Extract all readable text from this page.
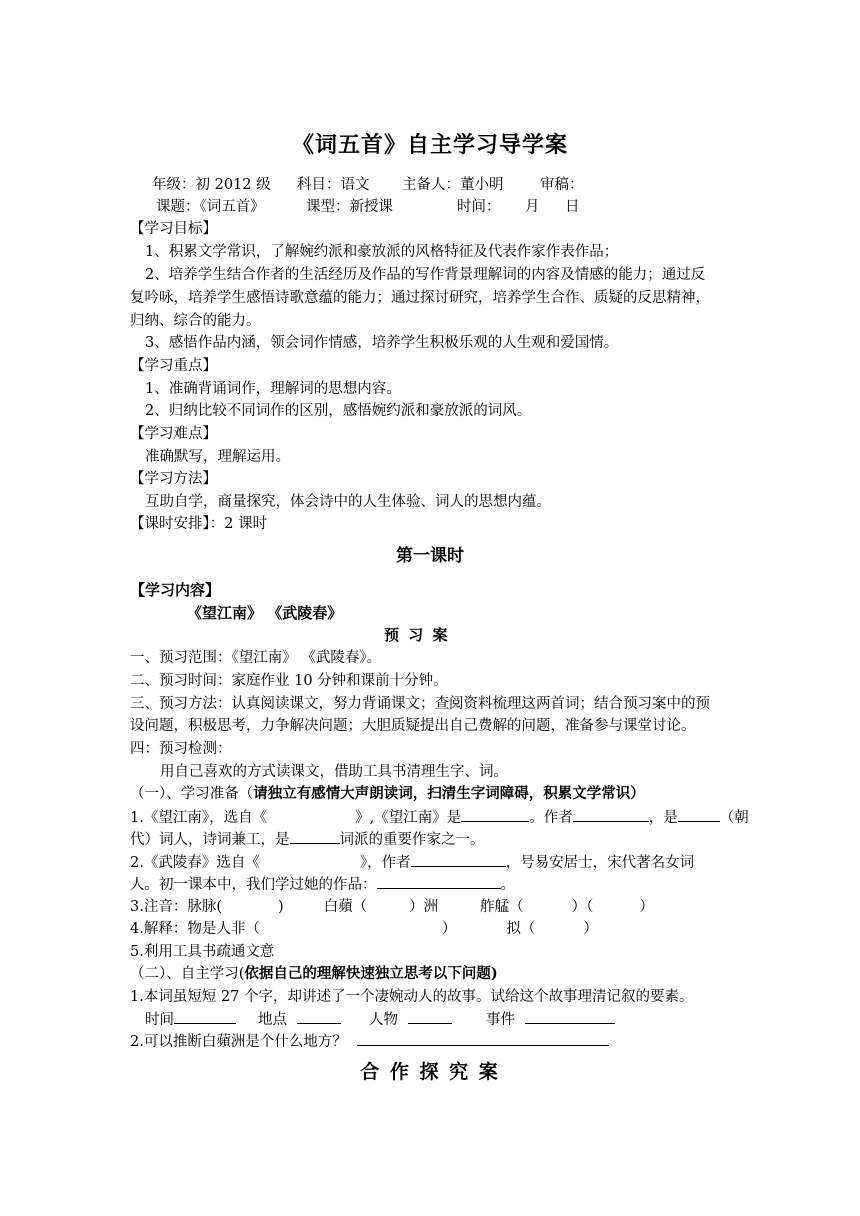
《词五首》自主学习导学案
年级：初 2012 级 科目：语文 主备人：董小明	审稿：
课题：《词五首》	课型：新授课	时间： 月 日
【学习目标】
1、积累文学常识，了解婉约派和豪放派的风格特征及代表作家作表作品；
2、培养学生结合作者的生活经历及作品的写作背景理解词的内容及情感的能力；通过反
复吟咏，培养学生感悟诗歌意蕴的能力；通过探讨研究，培养学生合作、质疑的反思精神，
归纳、综合的能力。
3、感悟作品内涵，领会词作情感，培养学生积极乐观的人生观和爱国情。
【学习重点】
1、准确背诵词作，理解词的思想内容。
2、归纳比较不同词作的区别，感悟婉约派和豪放派的词风。
【学习难点】
准确默写，理解运用。
【学习方法】
互助自学，商量探究，体会诗中的人生体验、词人的思想内蕴。
【课时安排】：2 课时
第一课时
【学习内容】
《望江南》 《武陵春》
预 习 案
一、预习范围：《望江南》 《武陵春》。
二、预习时间：家庭作业 10 分钟和课前十分钟。
三、预习方法：认真阅读课文，努力背诵课文；查阅资料梳理这两首词；结合预习案中的预
设问题，积极思考，力争解决问题；大胆质疑提出自己费解的问题，准备参与课堂讨论。
四：预习检测：
用自己喜欢的方式读课文，借助工具书清理生字、词。
（一）、学习准备（请独立有感情大声朗读词，扫清生字词障碍，积累文学常识）
1.《望江南》，选自《	》,《望江南》是	。作者	，是	（朝
代）词人，诗词兼工，是	词派的重要作家之一。
2.《武陵春》选自《	》，作者	，号易安居士，宋代著名女词
人。初一课本中，我们学过她的作品：	。
3.注音：脉脉(	)	白蘋（	）洲	舴艋（	）（	）
4.解释：物是人非（	）	拟（	）
5.利用工具书疏通文意
（二）、自主学习(依据自己的理解快速独立思考以下问题)
1.本词虽短短 27 个字，却讲述了一个凄婉动人的故事。试给这个故事理清记叙的要素。
时间	地点	人物	事件
2.可以推断白蘋洲是个什么地方？
合 作 探 究 案
